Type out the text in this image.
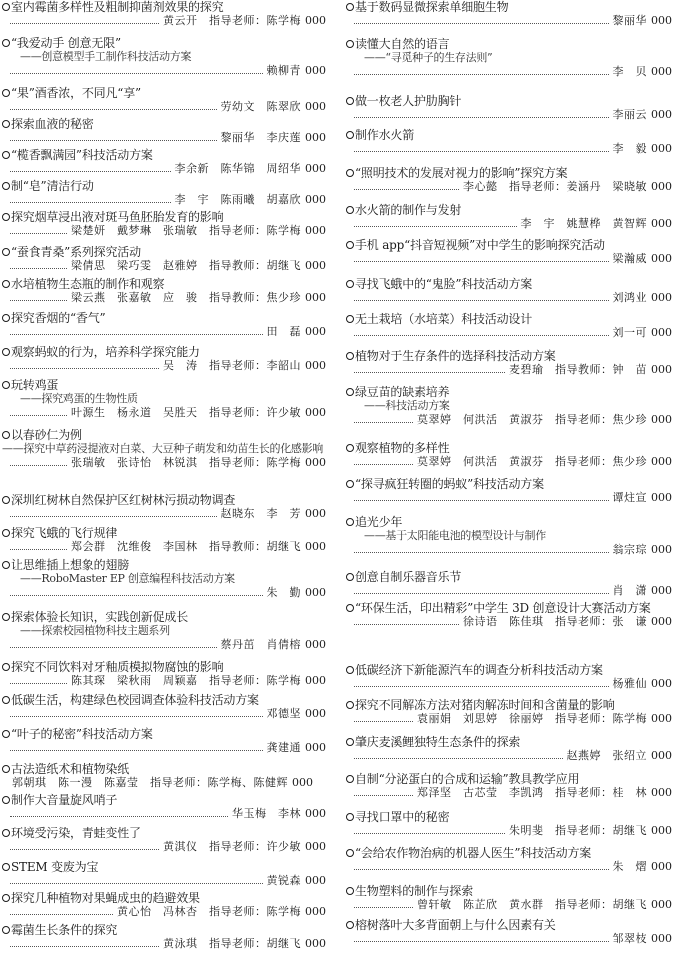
室内霉菌多样性及粗制抑菌剂效果的探究
黄云开　指导老师：陈学梅 000
“我爱动手 创意无限”
——创意模型手工制作科技活动方案
赖柳青 000
“果”酒香浓，不同凡“享”
劳幼文　陈翠欣 000
探索血液的秘密
黎丽华　李庆莲 000
“榄香飘满园”科技活动方案
李余新　陈华锦　周绍华 000
制“皂”清洁行动
李　宇　陈雨曦　胡嘉欣 000
探究烟草浸出液对斑马鱼胚胎发育的影响
梁楚妍　戴梦琳　张瑞敏　指导老师：陈学梅 000
“蚕食青桑”系列探究活动
梁倩思　梁巧雯　赵雅婷　指导教师：胡继飞 000
水培植物生态瓶的制作和观察
梁云燕　张嘉敏　应　骏　指导教师：焦少珍 000
探究香烟的“香气”
田　磊 000
观察蚂蚁的行为，培养科学探究能力
吴　涛　指导老师：李韶山 000
玩转鸡蛋
——探究鸡蛋的生物性质
叶源生　杨永道　吴胜天　指导老师：许少敏 000
以春砂仁为例
——探究中草药浸提液对白菜、大豆种子萌发和幼苗生长的化感影响
张瑞敏　张诗怡　林锐淇　指导老师：陈学梅 000
深圳红树林自然保护区红树林污损动物调查
赵晓东　李　芳 000
探究飞蛾的飞行规律
郑会群　沈维俊　李国林　指导教师：胡继飞 000
让思维插上想象的翅膀
——RoboMaster EP 创意编程科技活动方案
朱　勤 000
探索体验长知识，实践创新促成长
——探索校园植物科技主题系列
蔡丹茁　肖倩榕 000
探究不同饮料对牙釉质模拟物腐蚀的影响
陈其琛　梁秋雨　周颖嘉　指导老师：陈学梅 000
低碳生活，构建绿色校园调查体验科技活动方案
邓德坚 000
“叶子的秘密”科技活动方案
龚建通 000
古法造纸术和植物染纸
郭朝琪　陈一漫　陈嘉莹　指导老师：陈学梅、陈健辉 000
制作大音量旋风哨子
华玉梅　李林 000
环境受污染，青蛙变性了
黄淇仪　指导老师：许少敏 000
STEM 变废为宝
黄锐森 000
探究几种植物对果蝇成虫的趋避效果
黄心怡　冯林杏　指导老师：陈学梅 000
霉菌生长条件的探究
黄泳琪　指导老师：胡继飞 000
基于数码显微探索单细胞生物
黎丽华 000
读懂大自然的语言
——“寻觅种子的生存法则”
李　贝 000
做一枚老人护肋胸针
李丽云 000
制作水火箭
李　毅 000
“照明技术的发展对视力的影响”探究方案
李心懿　指导老师：姜涵丹　梁晓敏 000
水火箭的制作与发射
李　宇　姚慧桦　黄智辉 000
手机 app“抖音短视频”对中学生的影响探究活动
梁瀚威 000
寻找飞蛾中的“鬼脸”科技活动方案
刘鸿业 000
无土栽培（水培菜）科技活动设计
刘一可 000
植物对于生存条件的选择科技活动方案
麦碧瑜　指导教师：钟　苗 000
绿豆苗的缺素培养
——科技活动方案
莫翠婷　何洪活　黄淑芬　指导老师：焦少珍 000
观察植物的多样性
莫翠婷　何洪活　黄淑芬　指导老师：焦少珍 000
“探寻疯狂转圈的蚂蚁”科技活动方案
谭炷宣 000
追光少年
——基于太阳能电池的模型设计与制作
翁宗琮 000
创意自制乐器音乐节
肖　潇 000
“环保生活，印出精彩”中学生 3D 创意设计大赛活动方案
徐诗语　陈佳琪　指导老师：张　谦 000
低碳经济下新能源汽车的调查分析科技活动方案
杨雅仙 000
探究不同解冻方法对猪肉解冻时间和含菌量的影响
袁丽娟　刘思婷　徐丽婷　指导老师：陈学梅 000
肇庆麦溪鲤独特生态条件的探索
赵燕婷　张绍立 000
自制“分泌蛋白的合成和运输”教具教学应用
郑泽坚　古芯莹　李凯鸿　指导老师：桂　林 000
寻找口罩中的秘密
朱明斐　指导老师：胡继飞 000
“会给农作物治病的机器人医生”科技活动方案
朱　熠 000
生物塑料的制作与探索
曾轩敏　陈芷欣　黄水群　指导老师：胡继飞 000
榕树落叶大多背面朝上与什么因素有关
邹翠枝 000
